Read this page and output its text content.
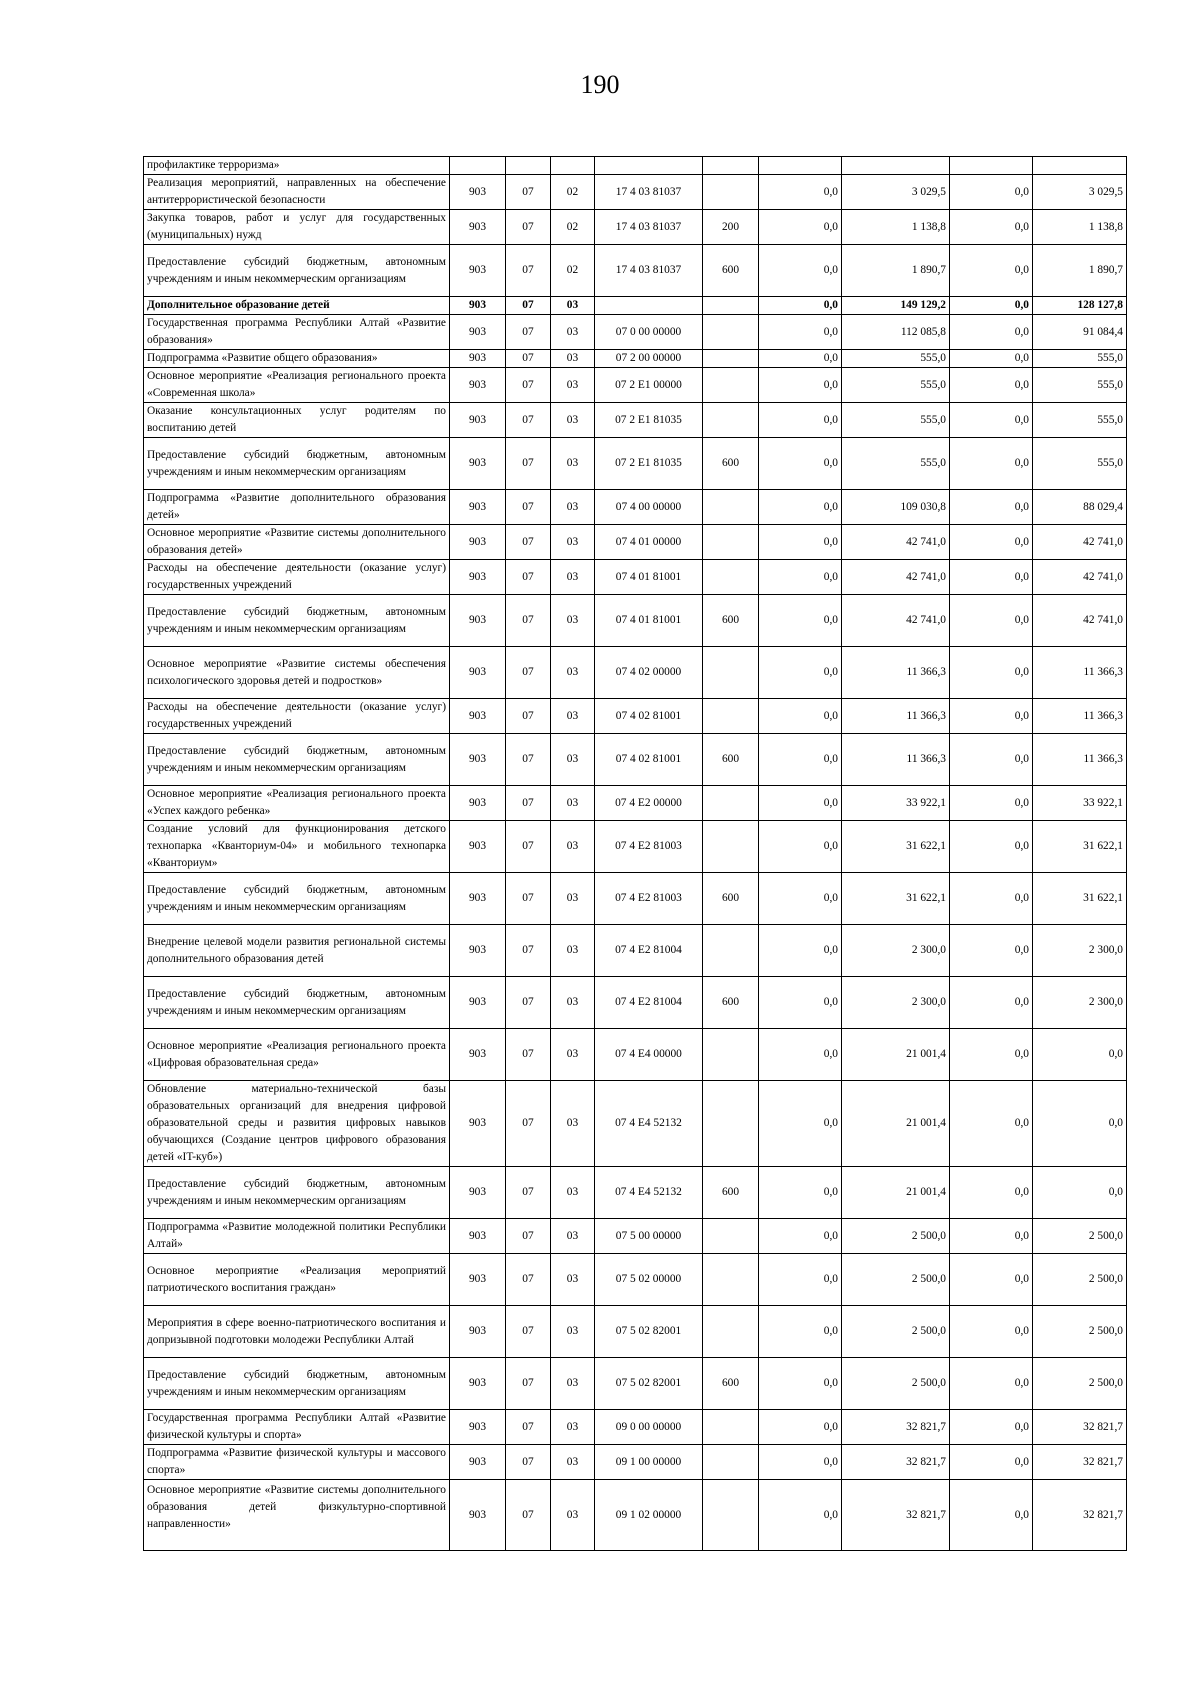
190
профилактике терроризма»									
Реализация мероприятий, направленных на обеспечение антитеррористической безопасности	903	07	02	17 4 03 81037		0,0	3 029,5	0,0	3 029,5
Закупка товаров, работ и услуг для государственных (муниципальных) нужд	903	07	02	17 4 03 81037	200	0,0	1 138,8	0,0	1 138,8
Предоставление субсидий бюджетным, автономным учреждениям и иным некоммерческим организациям	903	07	02	17 4 03 81037	600	0,0	1 890,7	0,0	1 890,7
Дополнительное образование детей	903	07	03			0,0	149 129,2	0,0	128 127,8
Государственная программа Республики Алтай «Развитие образования»	903	07	03	07 0 00 00000		0,0	112 085,8	0,0	91 084,4
Подпрограмма «Развитие общего образования»	903	07	03	07 2 00 00000		0,0	555,0	0,0	555,0
Основное мероприятие «Реализация регионального проекта «Современная школа»	903	07	03	07 2 E1 00000		0,0	555,0	0,0	555,0
Оказание консультационных услуг родителям по воспитанию детей	903	07	03	07 2 E1 81035		0,0	555,0	0,0	555,0
Предоставление субсидий бюджетным, автономным учреждениям и иным некоммерческим организациям	903	07	03	07 2 E1 81035	600	0,0	555,0	0,0	555,0
Подпрограмма «Развитие дополнительного образования детей»	903	07	03	07 4 00 00000		0,0	109 030,8	0,0	88 029,4
Основное мероприятие «Развитие системы дополнительного образования детей»	903	07	03	07 4 01 00000		0,0	42 741,0	0,0	42 741,0
Расходы на обеспечение деятельности (оказание услуг) государственных учреждений	903	07	03	07 4 01 81001		0,0	42 741,0	0,0	42 741,0
Предоставление субсидий бюджетным, автономным учреждениям и иным некоммерческим организациям	903	07	03	07 4 01 81001	600	0,0	42 741,0	0,0	42 741,0
Основное мероприятие «Развитие системы обеспечения психологического здоровья детей и подростков»	903	07	03	07 4 02 00000		0,0	11 366,3	0,0	11 366,3
Расходы на обеспечение деятельности (оказание услуг) государственных учреждений	903	07	03	07 4 02 81001		0,0	11 366,3	0,0	11 366,3
Предоставление субсидий бюджетным, автономным учреждениям и иным некоммерческим организациям	903	07	03	07 4 02 81001	600	0,0	11 366,3	0,0	11 366,3
Основное мероприятие «Реализация регионального проекта «Успех каждого ребенка»	903	07	03	07 4 E2 00000		0,0	33 922,1	0,0	33 922,1
Создание условий для функционирования детского технопарка «Кванториум-04» и мобильного технопарка «Кванториум»	903	07	03	07 4 E2 81003		0,0	31 622,1	0,0	31 622,1
Предоставление субсидий бюджетным, автономным учреждениям и иным некоммерческим организациям	903	07	03	07 4 E2 81003	600	0,0	31 622,1	0,0	31 622,1
Внедрение целевой модели развития региональной системы дополнительного образования детей	903	07	03	07 4 E2 81004		0,0	2 300,0	0,0	2 300,0
Предоставление субсидий бюджетным, автономным учреждениям и иным некоммерческим организациям	903	07	03	07 4 E2 81004	600	0,0	2 300,0	0,0	2 300,0
Основное мероприятие «Реализация регионального проекта «Цифровая образовательная среда»	903	07	03	07 4 E4 00000		0,0	21 001,4	0,0	0,0
Обновление материально-технической базы образовательных организаций для внедрения цифровой образовательной среды и развития цифровых навыков обучающихся (Создание центров цифрового образования детей «IT-куб»)	903	07	03	07 4 E4 52132		0,0	21 001,4	0,0	0,0
Предоставление субсидий бюджетным, автономным учреждениям и иным некоммерческим организациям	903	07	03	07 4 E4 52132	600	0,0	21 001,4	0,0	0,0
Подпрограмма «Развитие молодежной политики Республики Алтай»	903	07	03	07 5 00 00000		0,0	2 500,0	0,0	2 500,0
Основное мероприятие «Реализация мероприятий патриотического воспитания граждан»	903	07	03	07 5 02 00000		0,0	2 500,0	0,0	2 500,0
Мероприятия в сфере военно-патриотического воспитания и допризывной подготовки молодежи Республики Алтай	903	07	03	07 5 02 82001		0,0	2 500,0	0,0	2 500,0
Предоставление субсидий бюджетным, автономным учреждениям и иным некоммерческим организациям	903	07	03	07 5 02 82001	600	0,0	2 500,0	0,0	2 500,0
Государственная программа Республики Алтай «Развитие физической культуры и спорта»	903	07	03	09 0 00 00000		0,0	32 821,7	0,0	32 821,7
Подпрограмма «Развитие физической культуры и массового спорта»	903	07	03	09 1 00 00000		0,0	32 821,7	0,0	32 821,7
Основное мероприятие «Развитие системы дополнительного образования детей физкультурно-спортивной направленности»	903	07	03	09 1 02 00000		0,0	32 821,7	0,0	32 821,7
